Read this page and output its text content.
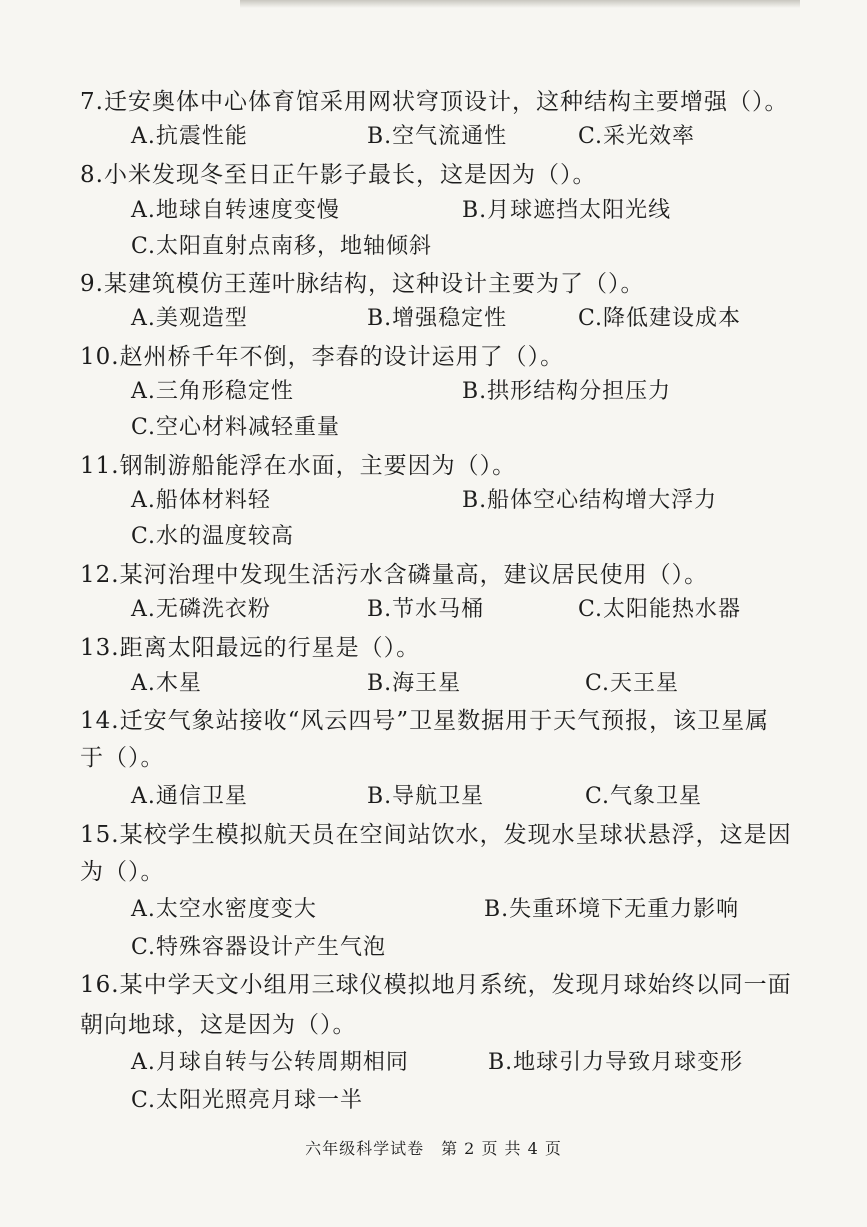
7.迁安奥体中心体育馆采用网状穹顶设计，这种结构主要增强（）。
A.抗震性能	B.空气流通性	C.采光效率
8.小米发现冬至日正午影子最长，这是因为（）。
A.地球自转速度变慢	B.月球遮挡太阳光线
C.太阳直射点南移，地轴倾斜
9.某建筑模仿王莲叶脉结构，这种设计主要为了（）。
A.美观造型	B.增强稳定性	C.降低建设成本
10.赵州桥千年不倒，李春的设计运用了（）。
A.三角形稳定性	B.拱形结构分担压力
C.空心材料减轻重量
11.钢制游船能浮在水面，主要因为（）。
A.船体材料轻	B.船体空心结构增大浮力
C.水的温度较高
12.某河治理中发现生活污水含磷量高，建议居民使用（）。
A.无磷洗衣粉	B.节水马桶	C.太阳能热水器
13.距离太阳最远的行星是（）。
A.木星	B.海王星	C.天王星
14.迁安气象站接收“风云四号”卫星数据用于天气预报，该卫星属
于（）。
A.通信卫星	B.导航卫星	C.气象卫星
15.某校学生模拟航天员在空间站饮水，发现水呈球状悬浮，这是因
为（）。
A.太空水密度变大	B.失重环境下无重力影响
C.特殊容器设计产生气泡
16.某中学天文小组用三球仪模拟地月系统，发现月球始终以同一面
朝向地球，这是因为（）。
A.月球自转与公转周期相同	B.地球引力导致月球变形
C.太阳光照亮月球一半
六年级科学试卷　第 2 页 共 4 页
